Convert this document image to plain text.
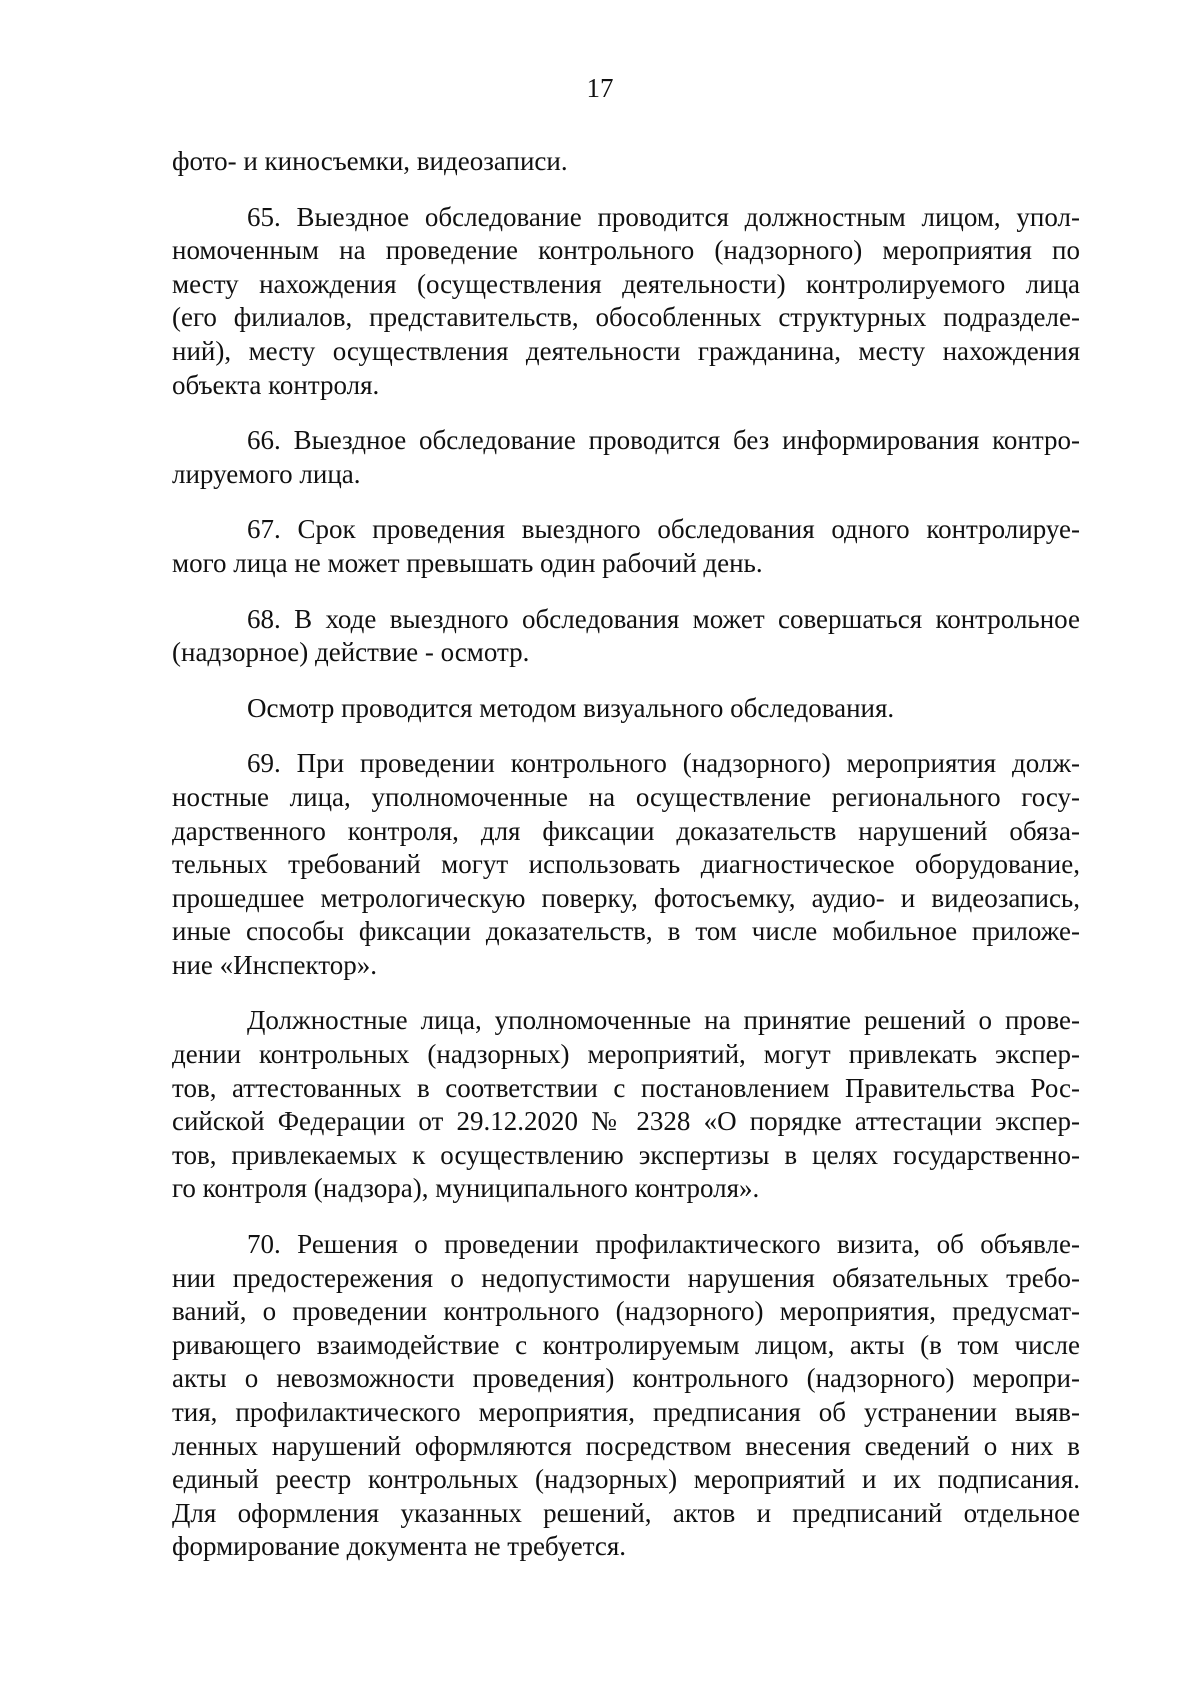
17
фото- и киносъемки, видеозаписи.
65. Выездное обследование проводится должностным лицом, упол-
номоченным на проведение контрольного (надзорного) мероприятия по
месту нахождения (осуществления деятельности) контролируемого лица
(его филиалов, представительств, обособленных структурных подразделе-
ний), месту осуществления деятельности гражданина, месту нахождения
объекта контроля.
66. Выездное обследование проводится без информирования контро-
лируемого лица.
67. Срок проведения выездного обследования одного контролируе-
мого лица не может превышать один рабочий день.
68. В ходе выездного обследования может совершаться контрольное
(надзорное) действие - осмотр.
Осмотр проводится методом визуального обследования.
69. При проведении контрольного (надзорного) мероприятия долж-
ностные лица, уполномоченные на осуществление регионального госу-
дарственного контроля, для фиксации доказательств нарушений обяза-
тельных требований могут использовать диагностическое оборудование,
прошедшее метрологическую поверку, фотосъемку, аудио- и видеозапись,
иные способы фиксации доказательств, в том числе мобильное приложе-
ние «Инспектор».
Должностные лица, уполномоченные на принятие решений о прове-
дении контрольных (надзорных) мероприятий, могут привлекать экспер-
тов, аттестованных в соответствии с постановлением Правительства Рос-
сийской Федерации от 29.12.2020 № 2328 «О порядке аттестации экспер-
тов, привлекаемых к осуществлению экспертизы в целях государственно-
го контроля (надзора), муниципального контроля».
70. Решения о проведении профилактического визита, об объявле-
нии предостережения о недопустимости нарушения обязательных требо-
ваний, о проведении контрольного (надзорного) мероприятия, предусмат-
ривающего взаимодействие с контролируемым лицом, акты (в том числе
акты о невозможности проведения) контрольного (надзорного) меропри-
тия, профилактического мероприятия, предписания об устранении выяв-
ленных нарушений оформляются посредством внесения сведений о них в
единый реестр контрольных (надзорных) мероприятий и их подписания.
Для оформления указанных решений, актов и предписаний отдельное
формирование документа не требуется.
